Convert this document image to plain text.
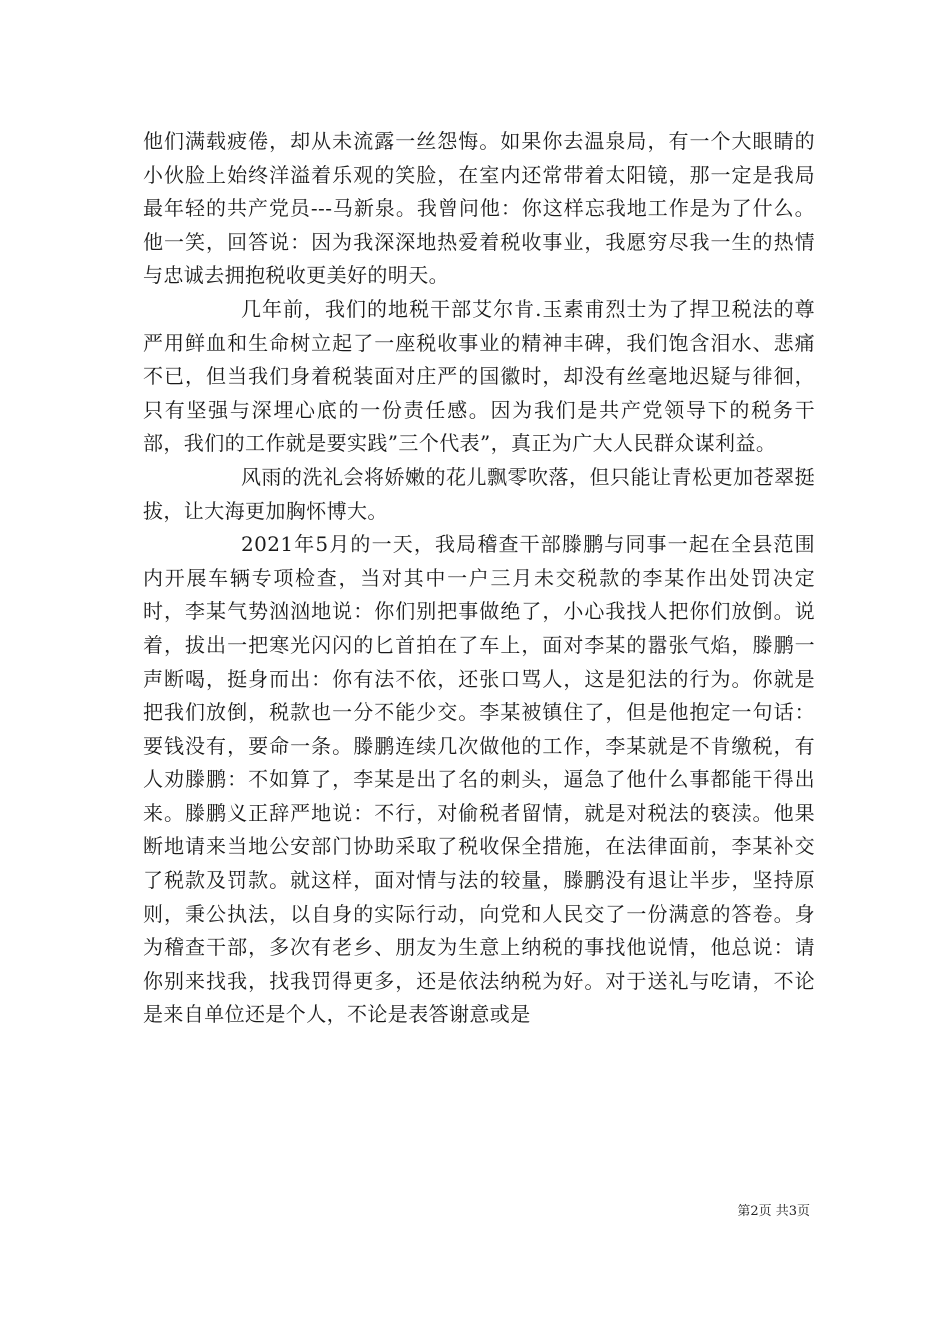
他们满载疲倦，却从未流露一丝怨悔。如果你去温泉局，有一个大眼睛的小伙脸上始终洋溢着乐观的笑脸，在室内还常带着太阳镜，那一定是我局最年轻的共产党员---马新泉。我曾问他：你这样忘我地工作是为了什么。他一笑，回答说：因为我深深地热爱着税收事业，我愿穷尽我一生的热情与忠诚去拥抱税收更美好的明天。

几年前，我们的地税干部艾尔肯.玉素甫烈士为了捍卫税法的尊严用鲜血和生命树立起了一座税收事业的精神丰碑，我们饱含泪水、悲痛不已，但当我们身着税装面对庄严的国徽时，却没有丝毫地迟疑与徘徊，只有坚强与深埋心底的一份责任感。因为我们是共产党领导下的税务干部，我们的工作就是要实践”三个代表”，真正为广大人民群众谋利益。

风雨的洗礼会将娇嫩的花儿飘零吹落，但只能让青松更加苍翠挺拔，让大海更加胸怀博大。

2021年5月的一天，我局稽查干部滕鹏与同事一起在全县范围内开展车辆专项检查，当对其中一户三月未交税款的李某作出处罚决定时，李某气势汹汹地说：你们别把事做绝了，小心我找人把你们放倒。说着，拔出一把寒光闪闪的匕首拍在了车上，面对李某的嚣张气焰，滕鹏一声断喝，挺身而出：你有法不依，还张口骂人，这是犯法的行为。你就是把我们放倒，税款也一分不能少交。李某被镇住了，但是他抱定一句话：要钱没有，要命一条。滕鹏连续几次做他的工作，李某就是不肯缴税，有人劝滕鹏：不如算了，李某是出了名的刺头，逼急了他什么事都能干得出来。滕鹏义正辞严地说：不行，对偷税者留情，就是对税法的亵渎。他果断地请来当地公安部门协助采取了税收保全措施，在法律面前，李某补交了税款及罚款。就这样，面对情与法的较量，滕鹏没有退让半步，坚持原则，秉公执法，以自身的实际行动，向党和人民交了一份满意的答卷。身为稽查干部，多次有老乡、朋友为生意上纳税的事找他说情，他总说：请你别来找我，找我罚得更多，还是依法纳税为好。对于送礼与吃请，不论是来自单位还是个人，不论是表答谢意或是

第2页 共3页
